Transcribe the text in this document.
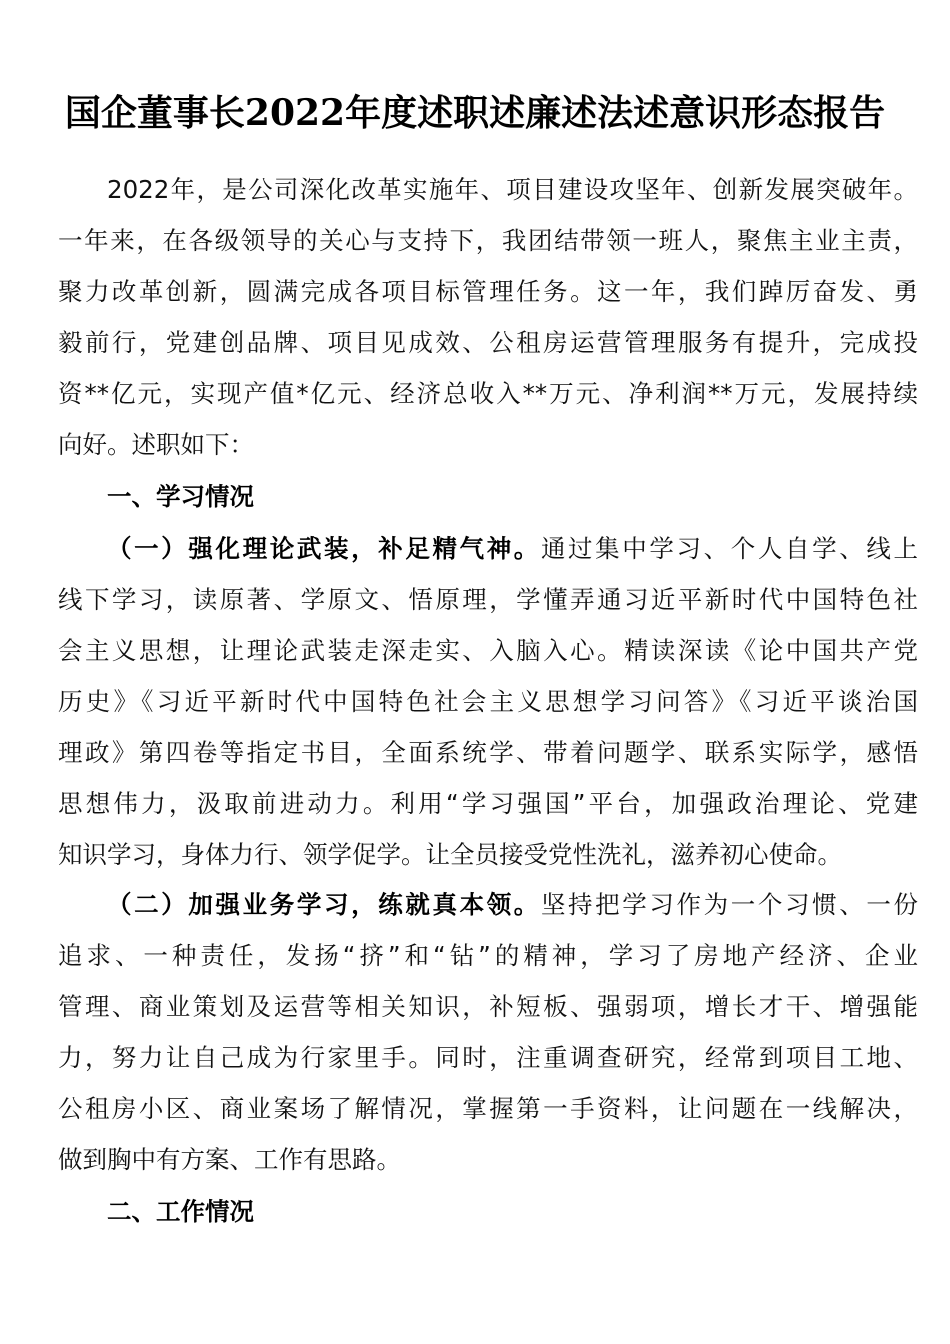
国企董事长2022年度述职述廉述法述意识形态报告
2022年，是公司深化改革实施年、项目建设攻坚年、创新发展突破年。
一年来，在各级领导的关心与支持下，我团结带领一班人，聚焦主业主责，
聚力改革创新，圆满完成各项目标管理任务。这一年，我们踔厉奋发、勇
毅前行，党建创品牌、项目见成效、公租房运营管理服务有提升，完成投
资**亿元，实现产值*亿元、经济总收入**万元、净利润**万元，发展持续
向好。述职如下：
一、学习情况
（一）强化理论武装，补足精气神。通过集中学习、个人自学、线上
线下学习，读原著、学原文、悟原理，学懂弄通习近平新时代中国特色社
会主义思想，让理论武装走深走实、入脑入心。精读深读《论中国共产党
历史》《习近平新时代中国特色社会主义思想学习问答》《习近平谈治国
理政》第四卷等指定书目，全面系统学、带着问题学、联系实际学，感悟
思想伟力，汲取前进动力。利用“学习强国”平台，加强政治理论、党建
知识学习，身体力行、领学促学。让全员接受党性洗礼，滋养初心使命。
（二）加强业务学习，练就真本领。坚持把学习作为一个习惯、一份
追求、一种责任，发扬“挤”和“钻”的精神，学习了房地产经济、企业
管理、商业策划及运营等相关知识，补短板、强弱项，增长才干、增强能
力，努力让自己成为行家里手。同时，注重调查研究，经常到项目工地、
公租房小区、商业案场了解情况，掌握第一手资料，让问题在一线解决，
做到胸中有方案、工作有思路。
二、工作情况
